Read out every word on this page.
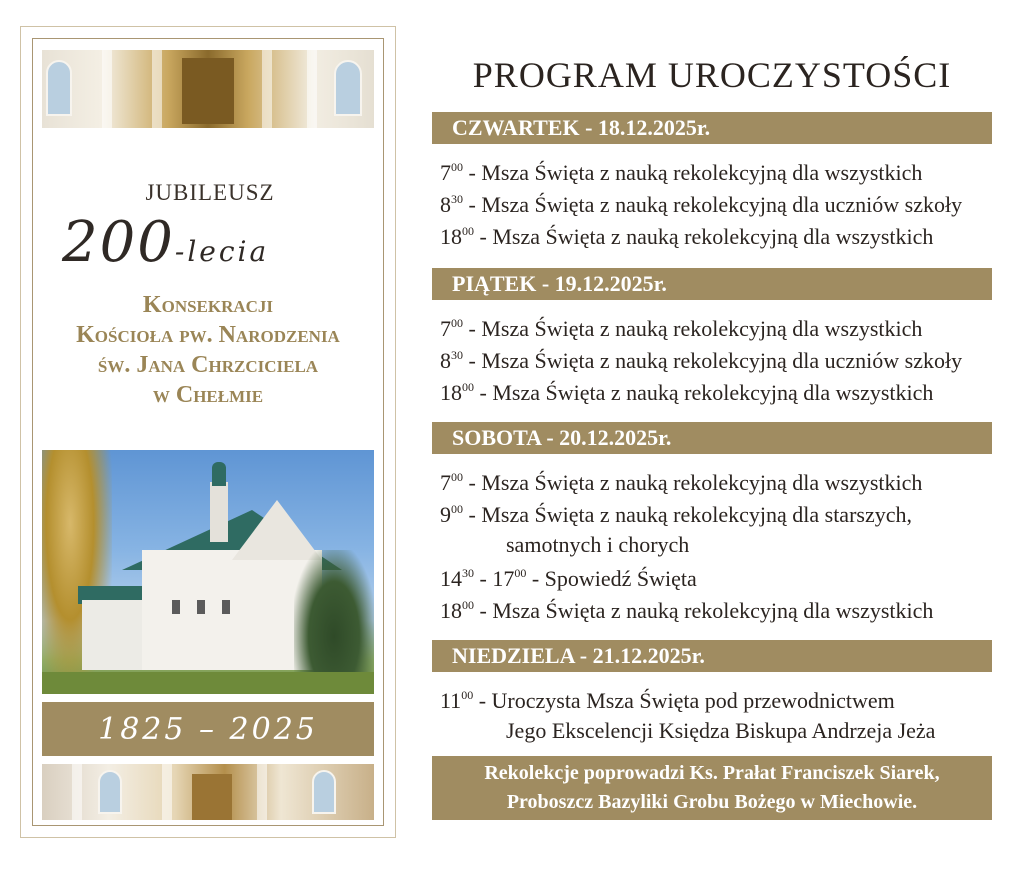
JUBILEUSZ
200-lecia
Konsekracji
Kościoła pw. Narodzenia
św. Jana Chrzciciela
w Chełmie
1825 – 2025
PROGRAM UROCZYSTOŚCI
CZWARTEK - 18.12.2025r.
$7^{00}$ - Msza Święta z nauką rekolekcyjną dla wszystkich
$8^{30}$ - Msza Święta z nauką rekolekcyjną dla uczniów szkoły
$18^{00}$ - Msza Święta z nauką rekolekcyjną dla wszystkich
PIĄTEK - 19.12.2025r.
$7^{00}$ - Msza Święta z nauką rekolekcyjną dla wszystkich
$8^{30}$ - Msza Święta z nauką rekolekcyjną dla uczniów szkoły
$18^{00}$ - Msza Święta z nauką rekolekcyjną dla wszystkich
SOBOTA - 20.12.2025r.
$7^{00}$ - Msza Święta z nauką rekolekcyjną dla wszystkich
$9^{00}$ - Msza Święta z nauką rekolekcyjną dla starszych,
samotnych i chorych
$14^{30} - 17^{00}$ - Spowiedź Święta
$18^{00}$ - Msza Święta z nauką rekolekcyjną dla wszystkich
NIEDZIELA - 21.12.2025r.
$11^{00}$ - Uroczysta Msza Święta pod przewodnictwem
Jego Ekscelencji Księdza Biskupa Andrzeja Jeża
Rekolekcje poprowadzi Ks. Prałat Franciszek Siarek,
Proboszcz Bazyliki Grobu Bożego w Miechowie.
